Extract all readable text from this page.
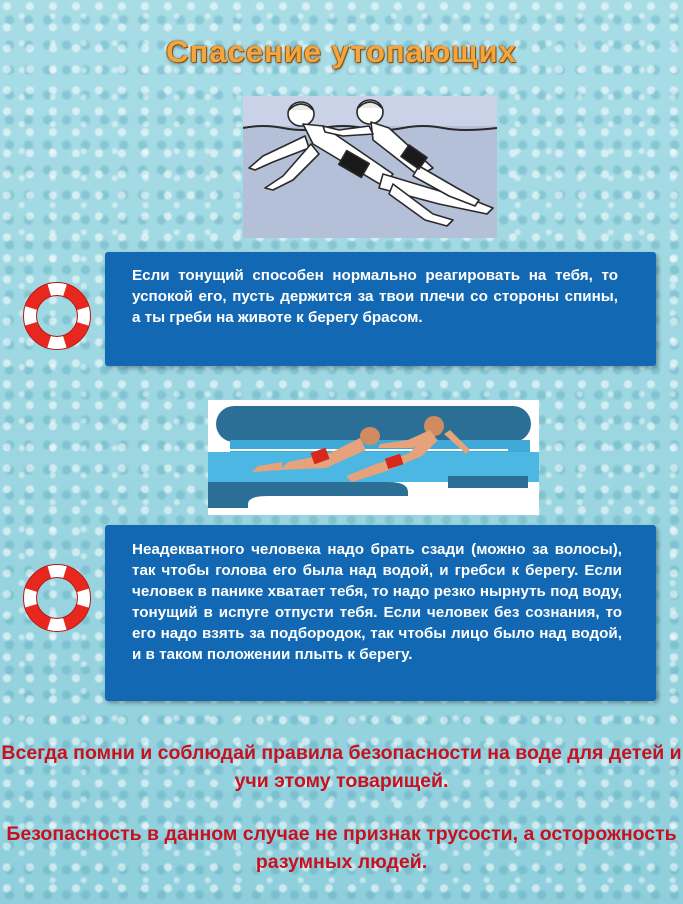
Спасение утопающих
Если тонущий способен нормально реагировать на тебя, то успокой его, пусть держится за твои плечи со стороны спины, а ты греби на животе к берегу брасом.
Неадекватного человека надо брать сзади (можно за волосы), так чтобы голова его была над водой, и гребси к берегу. Если человек в панике хватает тебя, то надо резко нырнуть под воду, тонущий в испуге отпусти тебя. Если человек без сознания, то его надо взять за подбородок, так чтобы лицо было над водой, и в таком положении плыть к берегу.
Всегда помни и соблюдай правила безопасности на воде для детей и учи этому товарищей.
Безопасность в данном случае не признак трусости, а осторожность разумных людей.
